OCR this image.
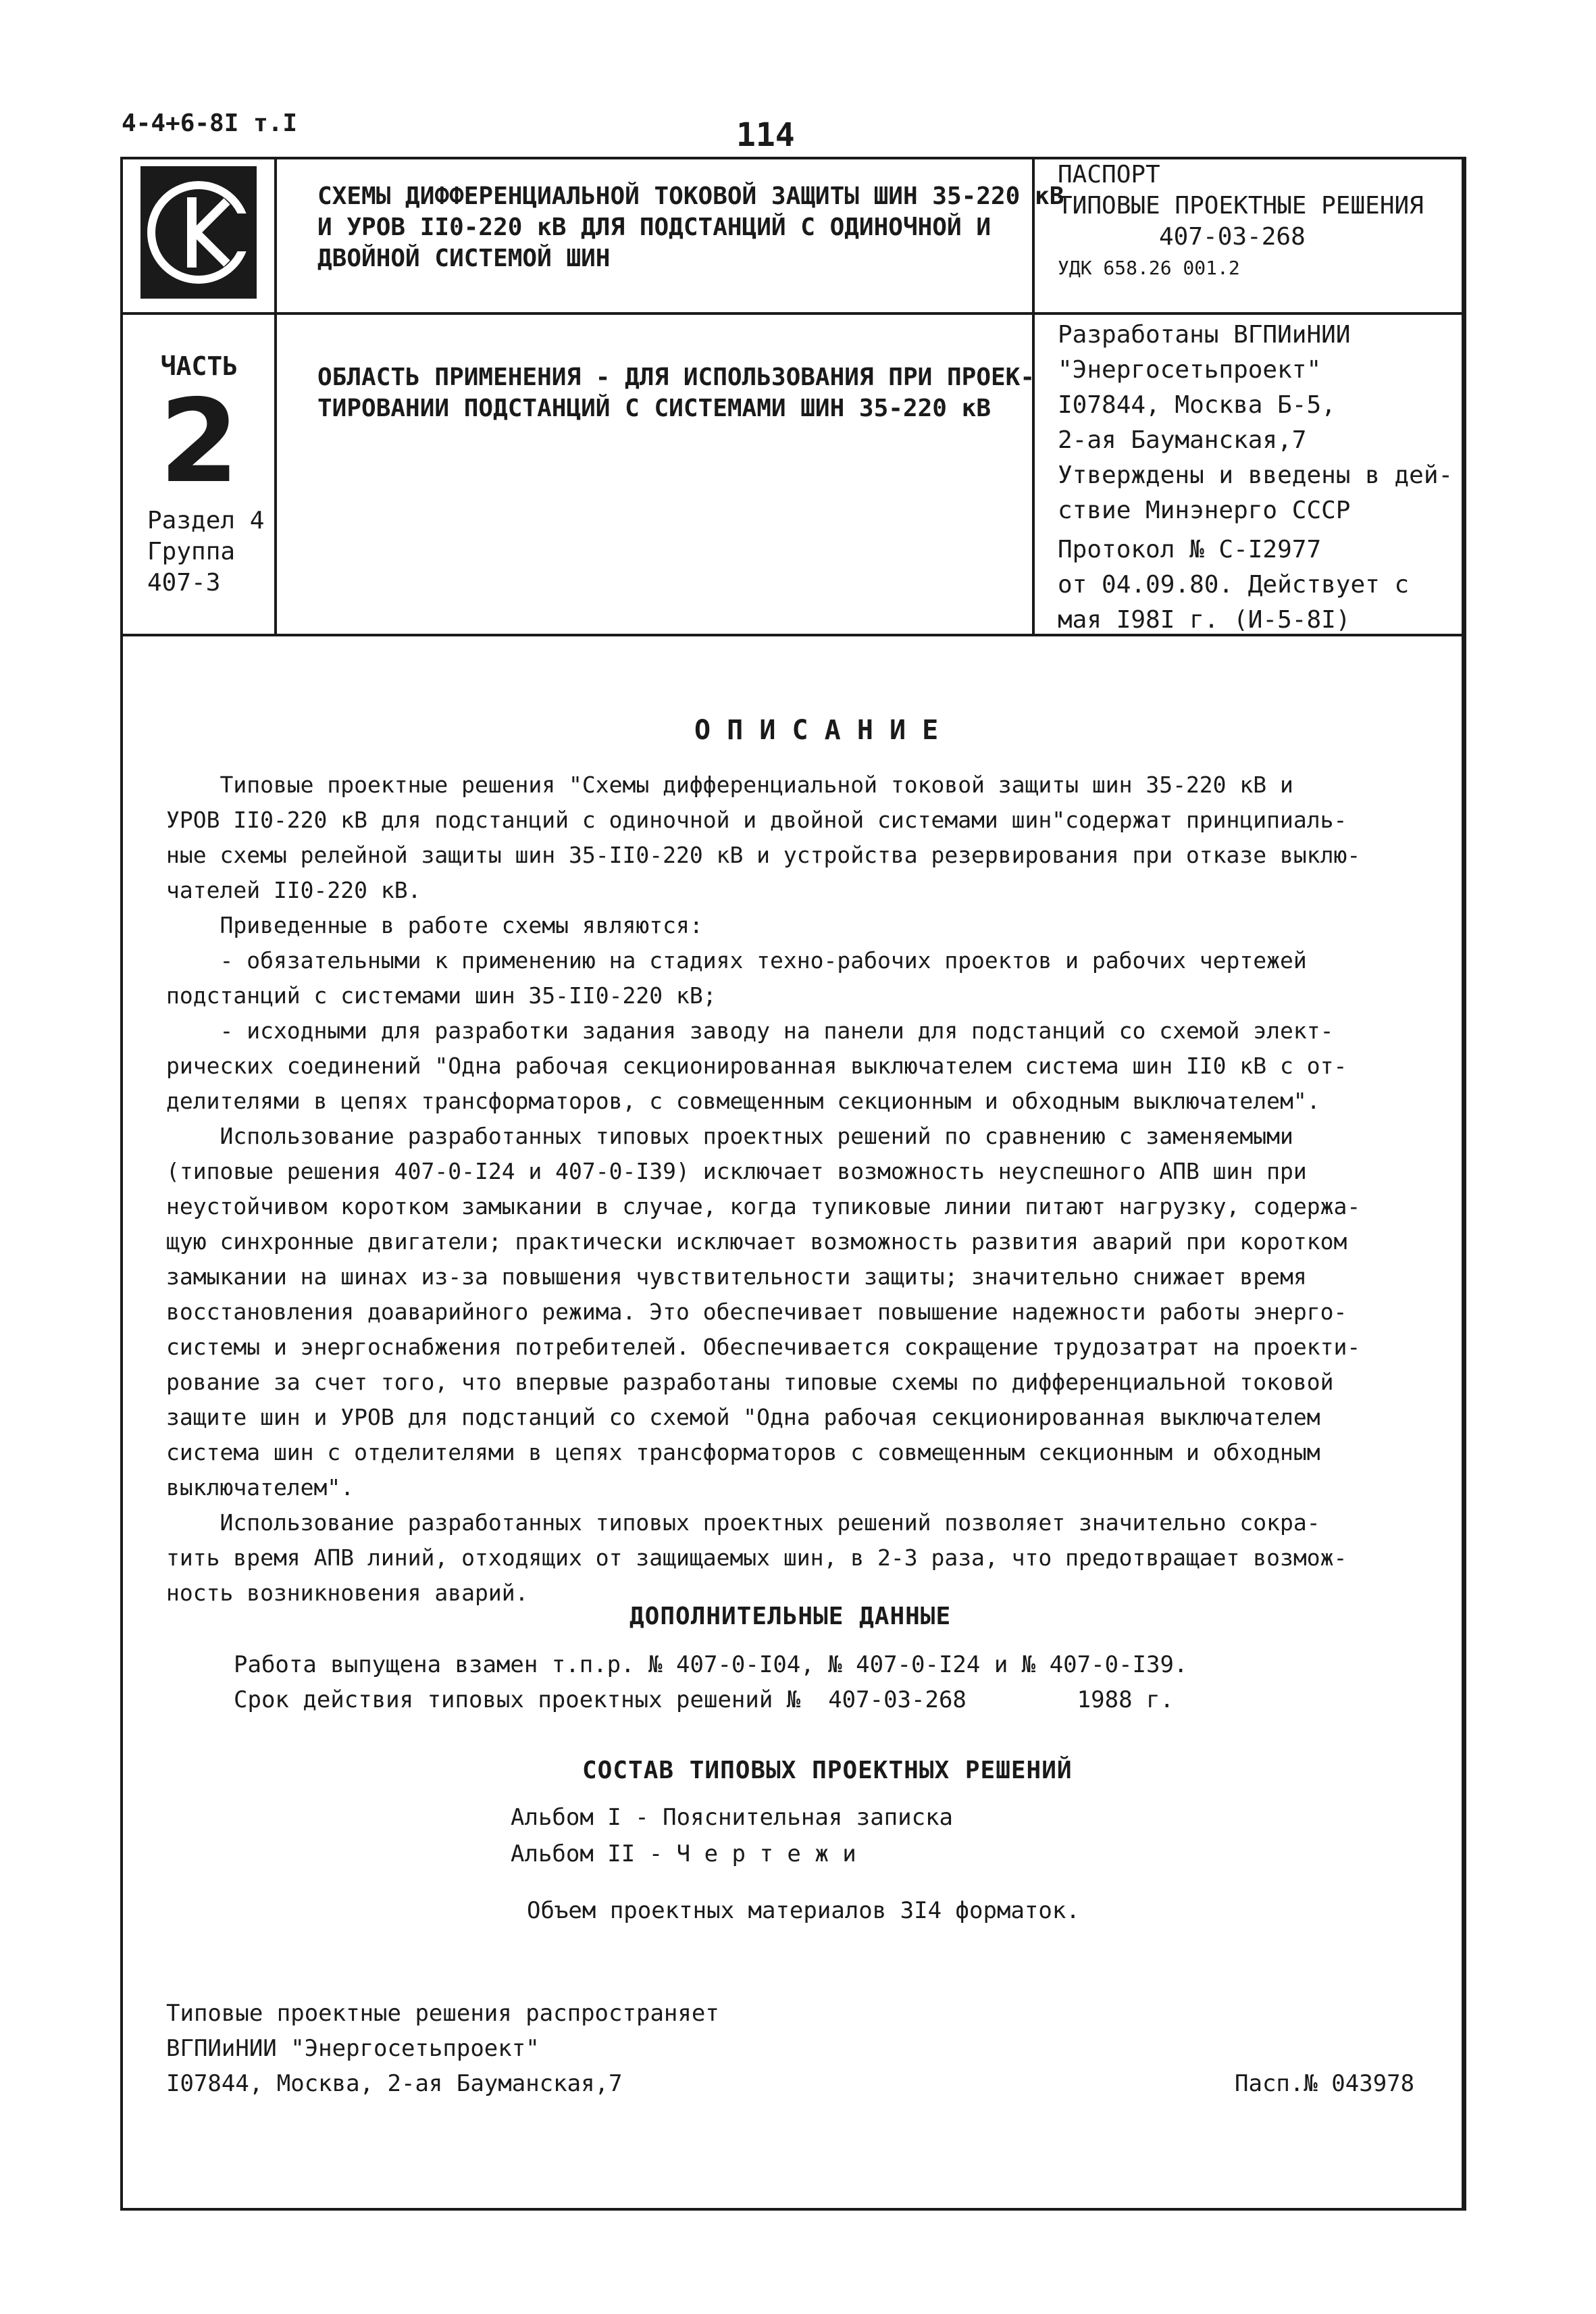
4-4+6-8I т.I	114
СХЕМЫ ДИФФЕРЕНЦИАЛЬНОЙ ТОКОВОЙ ЗАЩИТЫ ШИН 35-220 кВ
И УРОВ II0-220 кВ ДЛЯ ПОДСТАНЦИЙ С ОДИНОЧНОЙ И
ДВОЙНОЙ СИСТЕМОЙ ШИН
ПАСПОРТ
ТИПОВЫЕ ПРОЕКТНЫЕ РЕШЕНИЯ
407-03-268
УДК 658.26 001.2
ЧАСТЬ
2
Раздел 4
Группа
407-3
ОБЛАСТЬ ПРИМЕНЕНИЯ - ДЛЯ ИСПОЛЬЗОВАНИЯ ПРИ ПРОЕК-
ТИРОВАНИИ ПОДСТАНЦИЙ С СИСТЕМАМИ ШИН 35-220 кВ
Разработаны ВГПИиНИИ
"Энергосетьпроект"
I07844, Москва Б-5,
2-ая Бауманская,7
Утверждены и введены в дей-
ствие Минэнерго СССР
Протокол № С-I2977
от 04.09.80. Действует с
мая I98I г. (И-5-8I)
О П И С А Н И Е
Типовые проектные решения "Схемы дифференциальной токовой защиты шин 35-220 кВ и
УРОВ II0-220 кВ для подстанций с одиночной и двойной системами шин"содержат принципиаль-
ные схемы релейной защиты шин 35-II0-220 кВ и устройства резервирования при отказе выклю-
чателей II0-220 кВ.
Приведенные в работе схемы являются:
- обязательными к применению на стадиях техно-рабочих проектов и рабочих чертежей
подстанций с системами шин 35-II0-220 кВ;
- исходными для разработки задания заводу на панели для подстанций со схемой элект-
рических соединений "Одна рабочая секционированная выключателем система шин II0 кВ с от-
делителями в цепях трансформаторов, с совмещенным секционным и обходным выключателем".
Использование разработанных типовых проектных решений по сравнению с заменяемыми
(типовые решения 407-0-I24 и 407-0-I39) исключает возможность неуспешного АПВ шин при
неустойчивом коротком замыкании в случае, когда тупиковые линии питают нагрузку, содержа-
щую синхронные двигатели; практически исключает возможность развития аварий при коротком
замыкании на шинах из-за повышения чувствительности защиты; значительно снижает время
восстановления доаварийного режима. Это обеспечивает повышение надежности работы энерго-
системы и энергоснабжения потребителей. Обеспечивается сокращение трудозатрат на проекти-
рование за счет того, что впервые разработаны типовые схемы по дифференциальной токовой
защите шин и УРОВ для подстанций со схемой "Одна рабочая секционированная выключателем
система шин с отделителями в цепях трансформаторов с совмещенным секционным и обходным
выключателем".
Использование разработанных типовых проектных решений позволяет значительно сокра-
тить время АПВ линий, отходящих от защищаемых шин, в 2-3 раза, что предотвращает возмож-
ность возникновения аварий.
ДОПОЛНИТЕЛЬНЫЕ ДАННЫЕ
Работа выпущена взамен т.п.р. № 407-0-I04, № 407-0-I24 и № 407-0-I39.
Срок действия типовых проектных решений №  407-03-268        1988 г.
СОСТАВ ТИПОВЫХ ПРОЕКТНЫХ РЕШЕНИЙ
Альбом I - Пояснительная записка
Альбом II - Ч е р т е ж и
Объем проектных материалов 3I4 форматок.
Типовые проектные решения распространяет
ВГПИиНИИ "Энергосетьпроект"
I07844, Москва, 2-ая Бауманская,7	Пасп.№ 043978
